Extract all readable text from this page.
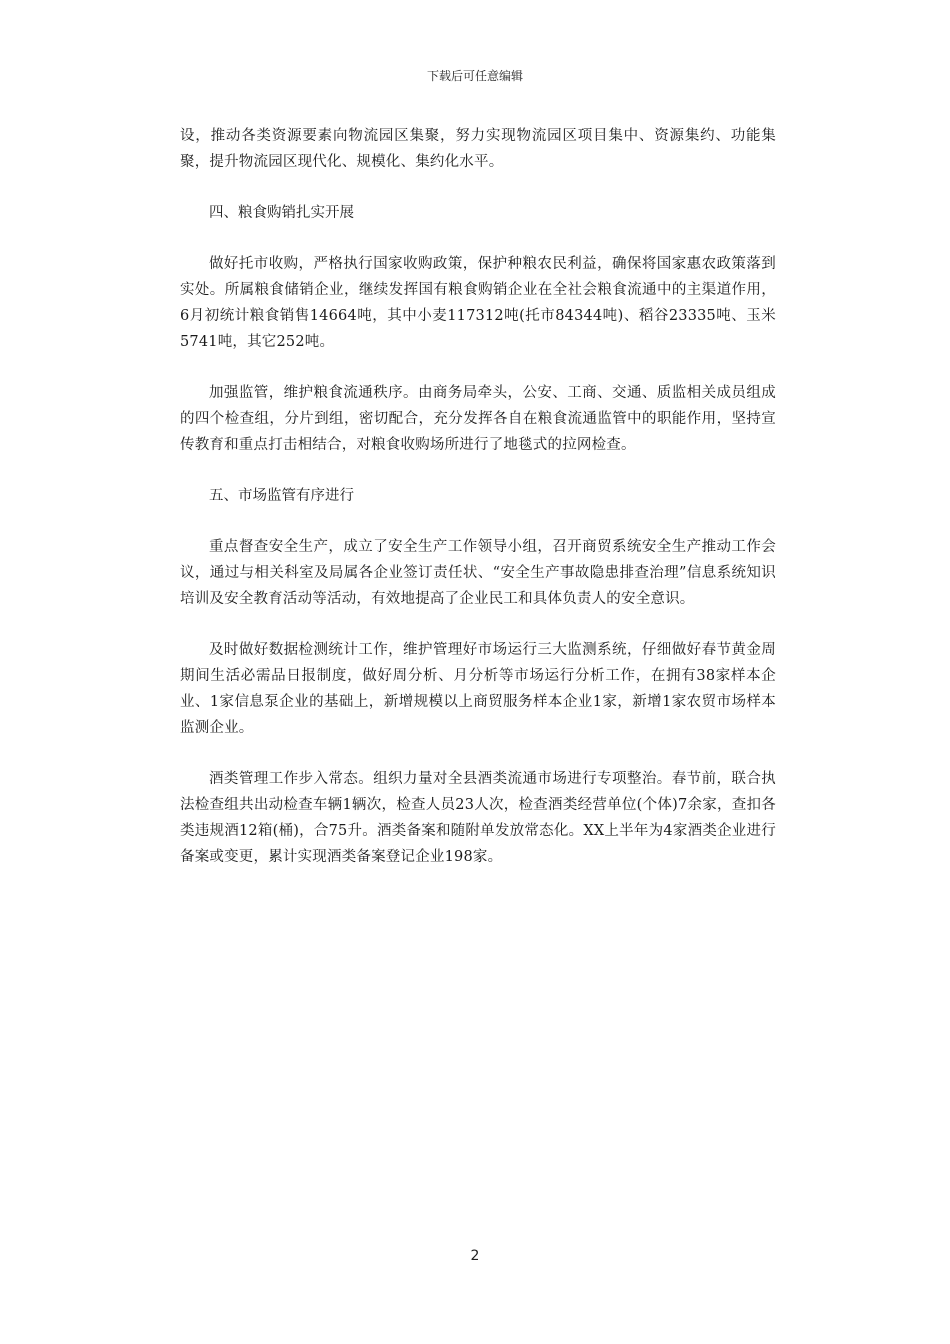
下载后可任意编辑

设，推动各类资源要素向物流园区集聚，努力实现物流园区项目集中、资源集约、功能集聚，提升物流园区现代化、规模化、集约化水平。

四、粮食购销扎实开展

做好托市收购，严格执行国家收购政策，保护种粮农民利益，确保将国家惠农政策落到实处。所属粮食储销企业，继续发挥国有粮食购销企业在全社会粮食流通中的主渠道作用，6月初统计粮食销售14664吨，其中小麦117312吨(托市84344吨)、稻谷23335吨、玉米5741吨，其它252吨。

加强监管，维护粮食流通秩序。由商务局牵头，公安、工商、交通、质监相关成员组成的四个检查组，分片到组，密切配合，充分发挥各自在粮食流通监管中的职能作用，坚持宣传教育和重点打击相结合，对粮食收购场所进行了地毯式的拉网检查。

五、市场监管有序进行

重点督查安全生产，成立了安全生产工作领导小组，召开商贸系统安全生产推动工作会议，通过与相关科室及局属各企业签订责任状、“安全生产事故隐患排查治理”信息系统知识培训及安全教育活动等活动，有效地提高了企业民工和具体负责人的安全意识。

及时做好数据检测统计工作，维护管理好市场运行三大监测系统，仔细做好春节黄金周期间生活必需品日报制度，做好周分析、月分析等市场运行分析工作，在拥有38家样本企业、1家信息泵企业的基础上，新增规模以上商贸服务样本企业1家，新增1家农贸市场样本监测企业。

酒类管理工作步入常态。组织力量对全县酒类流通市场进行专项整治。春节前，联合执法检查组共出动检查车辆1辆次，检查人员23人次，检查酒类经营单位(个体)7余家，查扣各类违规酒12箱(桶)，合75升。酒类备案和随附单发放常态化。XX上半年为4家酒类企业进行备案或变更，累计实现酒类备案登记企业198家。

2
